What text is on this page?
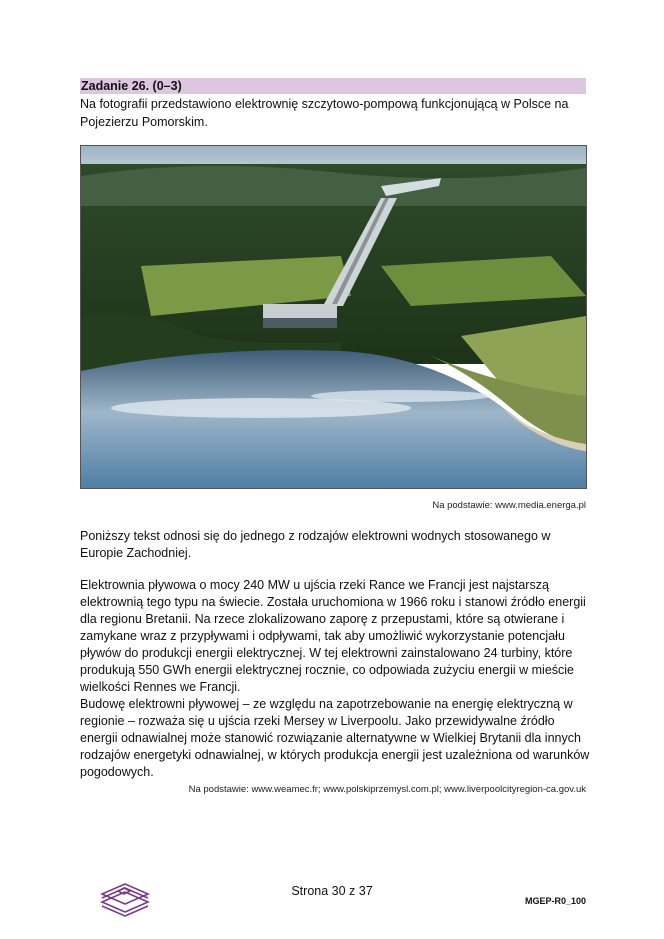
Zadanie 26. (0–3)
Na fotografii przedstawiono elektrownię szczytowo-pompową funkcjonującą w Polsce na Pojezierzu Pomorskim.
Na podstawie: www.media.energa.pl
Poniższy tekst odnosi się do jednego z rodzajów elektrowni wodnych stosowanego w Europie Zachodniej.
Elektrownia pływowa o mocy 240 MW u ujścia rzeki Rance we Francji jest najstarszą elektrownią tego typu na świecie. Została uruchomiona w 1966 roku i stanowi źródło energii dla regionu Bretanii. Na rzece zlokalizowano zaporę z przepustami, które są otwierane i zamykane wraz z przypływami i odpływami, tak aby umożliwić wykorzystanie potencjału pływów do produkcji energii elektrycznej. W tej elektrowni zainstalowano 24 turbiny, które produkują 550 GWh energii elektrycznej rocznie, co odpowiada zużyciu energii w mieście wielkości Rennes we Francji.
Budowę elektrowni pływowej – ze względu na zapotrzebowanie na energię elektryczną w regionie – rozważa się u ujścia rzeki Mersey w Liverpoolu. Jako przewidywalne źródło energii odnawialnej może stanowić rozwiązanie alternatywne w Wielkiej Brytanii dla innych rodzajów energetyki odnawialnej, w których produkcja energii jest uzależniona od warunków pogodowych.
Na podstawie: www.weamec.fr; www.polskiprzemysl.com.pl; www.liverpoolcityregion-ca.gov.uk
Strona 30 z 37
MGEP-R0_100
